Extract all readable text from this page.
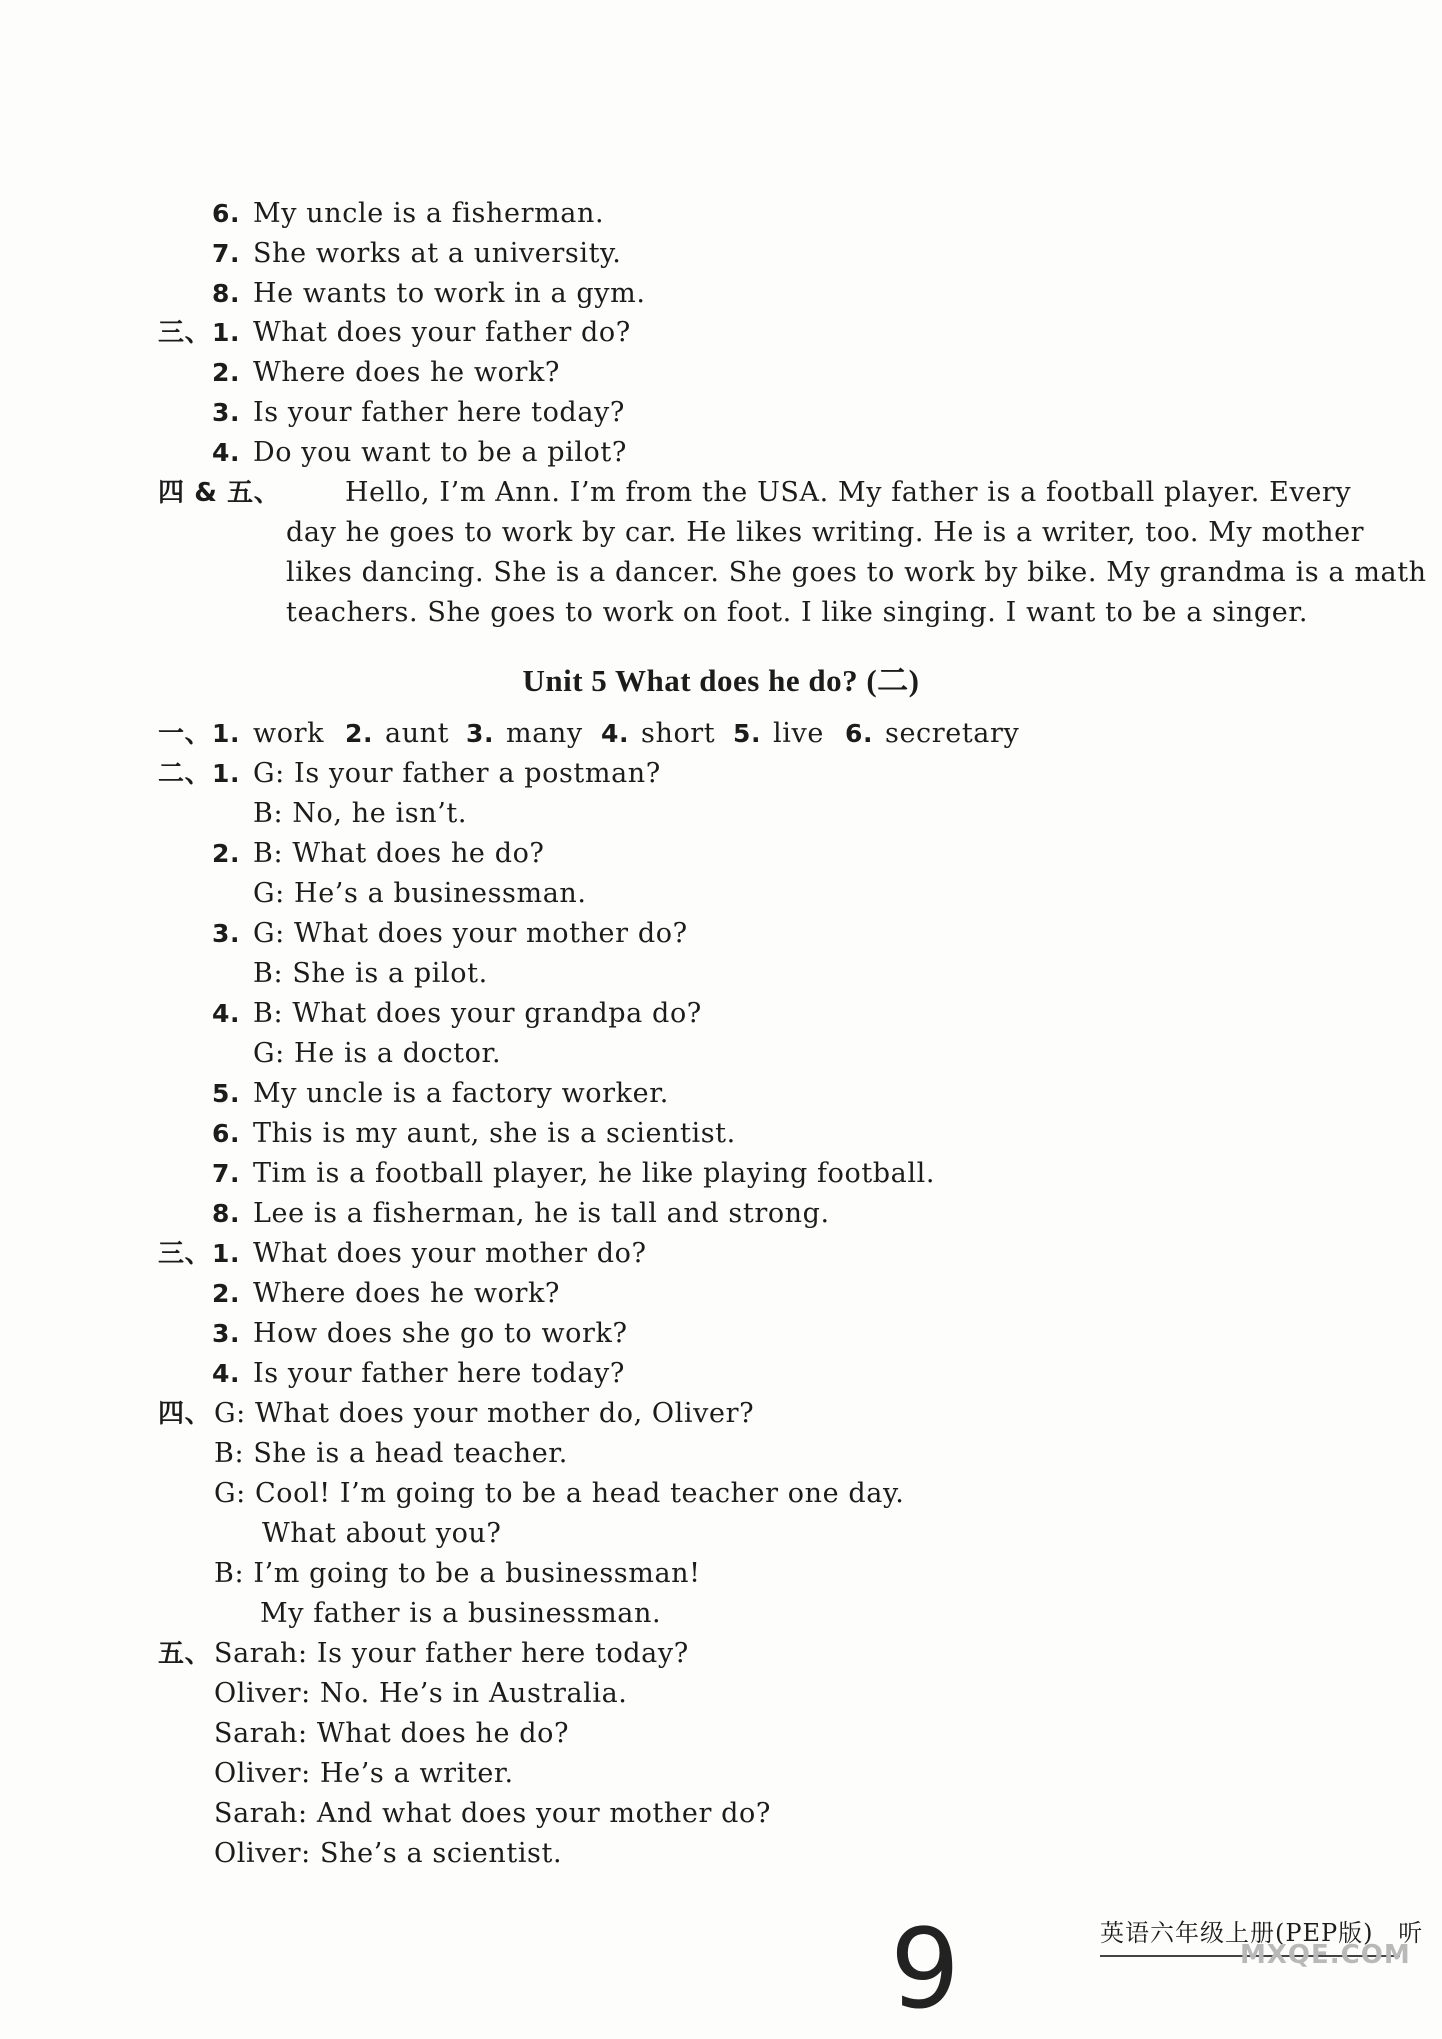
6. My uncle is a fisherman.
7. She works at a university.
8. He wants to work in a gym.
三、 1. What does your father do?
2. Where does he work?
3. Is your father here today?
4. Do you want to be a pilot?
四 & 五、	Hello, I’m Ann. I’m from the USA. My father is a football player. Every
day he goes to work by car. He likes writing. He is a writer, too. My mother
likes dancing. She is a dancer. She goes to work by bike. My grandma is a math
teachers. She goes to work on foot. I like singing. I want to be a singer.
Unit 5 What does he do? (二)
一、 1. work 2. aunt 3. many 4. short 5. live 6. secretary
二、 1. G: Is your father a postman?
B: No, he isn’t.
2. B: What does he do?
G: He’s a businessman.
3. G: What does your mother do?
B: She is a pilot.
4. B: What does your grandpa do?
G: He is a doctor.
5. My uncle is a factory worker.
6. This is my aunt, she is a scientist.
7. Tim is a football player, he like playing football.
8. Lee is a fisherman, he is tall and strong.
三、 1. What does your mother do?
2. Where does he work?
3. How does she go to work?
4. Is your father here today?
四、 G: What does your mother do, Oliver?
B: She is a head teacher.
G: Cool! I’m going to be a head teacher one day.
What about you?
B: I’m going to be a businessman!
My father is a businessman.
五、 Sarah: Is your father here today?
Oliver: No. He’s in Australia.
Sarah: What does he do?
Oliver: He’s a writer.
Sarah: And what does your mother do?
Oliver: She’s a scientist.
9	英语六年级上册(PEP版) 听
MXQE.COM
